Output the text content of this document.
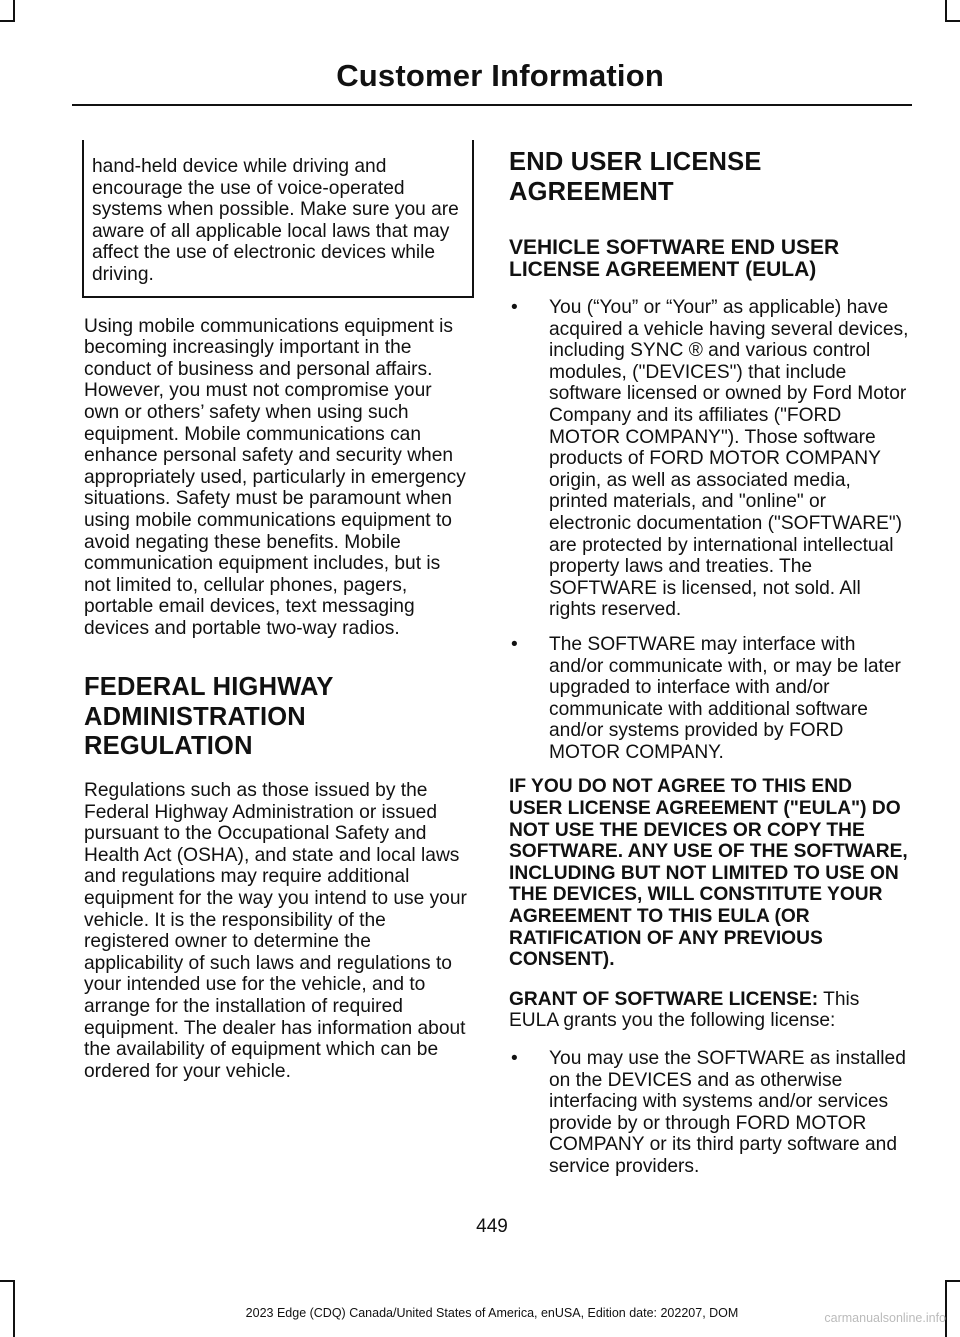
Customer Information

hand-held device while driving and encourage the use of voice-operated systems when possible. Make sure you are aware of all applicable local laws that may affect the use of electronic devices while driving.

Using mobile communications equipment is becoming increasingly important in the conduct of business and personal affairs. However, you must not compromise your own or others’ safety when using such equipment. Mobile communications can enhance personal safety and security when appropriately used, particularly in emergency situations. Safety must be paramount when using mobile communications equipment to avoid negating these benefits. Mobile communication equipment includes, but is not limited to, cellular phones, pagers, portable email devices, text messaging devices and portable two-way radios.

FEDERAL HIGHWAY
ADMINISTRATION
REGULATION

Regulations such as those issued by the Federal Highway Administration or issued pursuant to the Occupational Safety and Health Act (OSHA), and state and local laws and regulations may require additional equipment for the way you intend to use your vehicle. It is the responsibility of the registered owner to determine the applicability of such laws and regulations to your intended use for the vehicle, and to arrange for the installation of required equipment. The dealer has information about the availability of equipment which can be ordered for your vehicle.

END USER LICENSE
AGREEMENT
VEHICLE SOFTWARE END USER LICENSE AGREEMENT (EULA)
• You (“You” or “Your” as applicable) have acquired a vehicle having several devices, including SYNC ® and various control modules, ("DEVICES") that include software licensed or owned by Ford Motor Company and its affiliates ("FORD MOTOR COMPANY"). Those software products of FORD MOTOR COMPANY origin, as well as associated media, printed materials, and "online" or electronic documentation ("SOFTWARE") are protected by international intellectual property laws and treaties. The SOFTWARE is licensed, not sold. All rights reserved.
• The SOFTWARE may interface with and/or communicate with, or may be later upgraded to interface with and/or communicate with additional software and/or systems provided by FORD MOTOR COMPANY.

IF YOU DO NOT AGREE TO THIS END USER LICENSE AGREEMENT ("EULA") DO NOT USE THE DEVICES OR COPY THE SOFTWARE. ANY USE OF THE SOFTWARE, INCLUDING BUT NOT LIMITED TO USE ON THE DEVICES, WILL CONSTITUTE YOUR AGREEMENT TO THIS EULA (OR RATIFICATION OF ANY PREVIOUS CONSENT).

GRANT OF SOFTWARE LICENSE: This EULA grants you the following license:

• You may use the SOFTWARE as installed on the DEVICES and as otherwise interfacing with systems and/or services provide by or through FORD MOTOR COMPANY or its third party software and service providers.
449
2023 Edge (CDQ) Canada/United States of America, enUSA, Edition date: 202207, DOM	carmanualsonline.info
